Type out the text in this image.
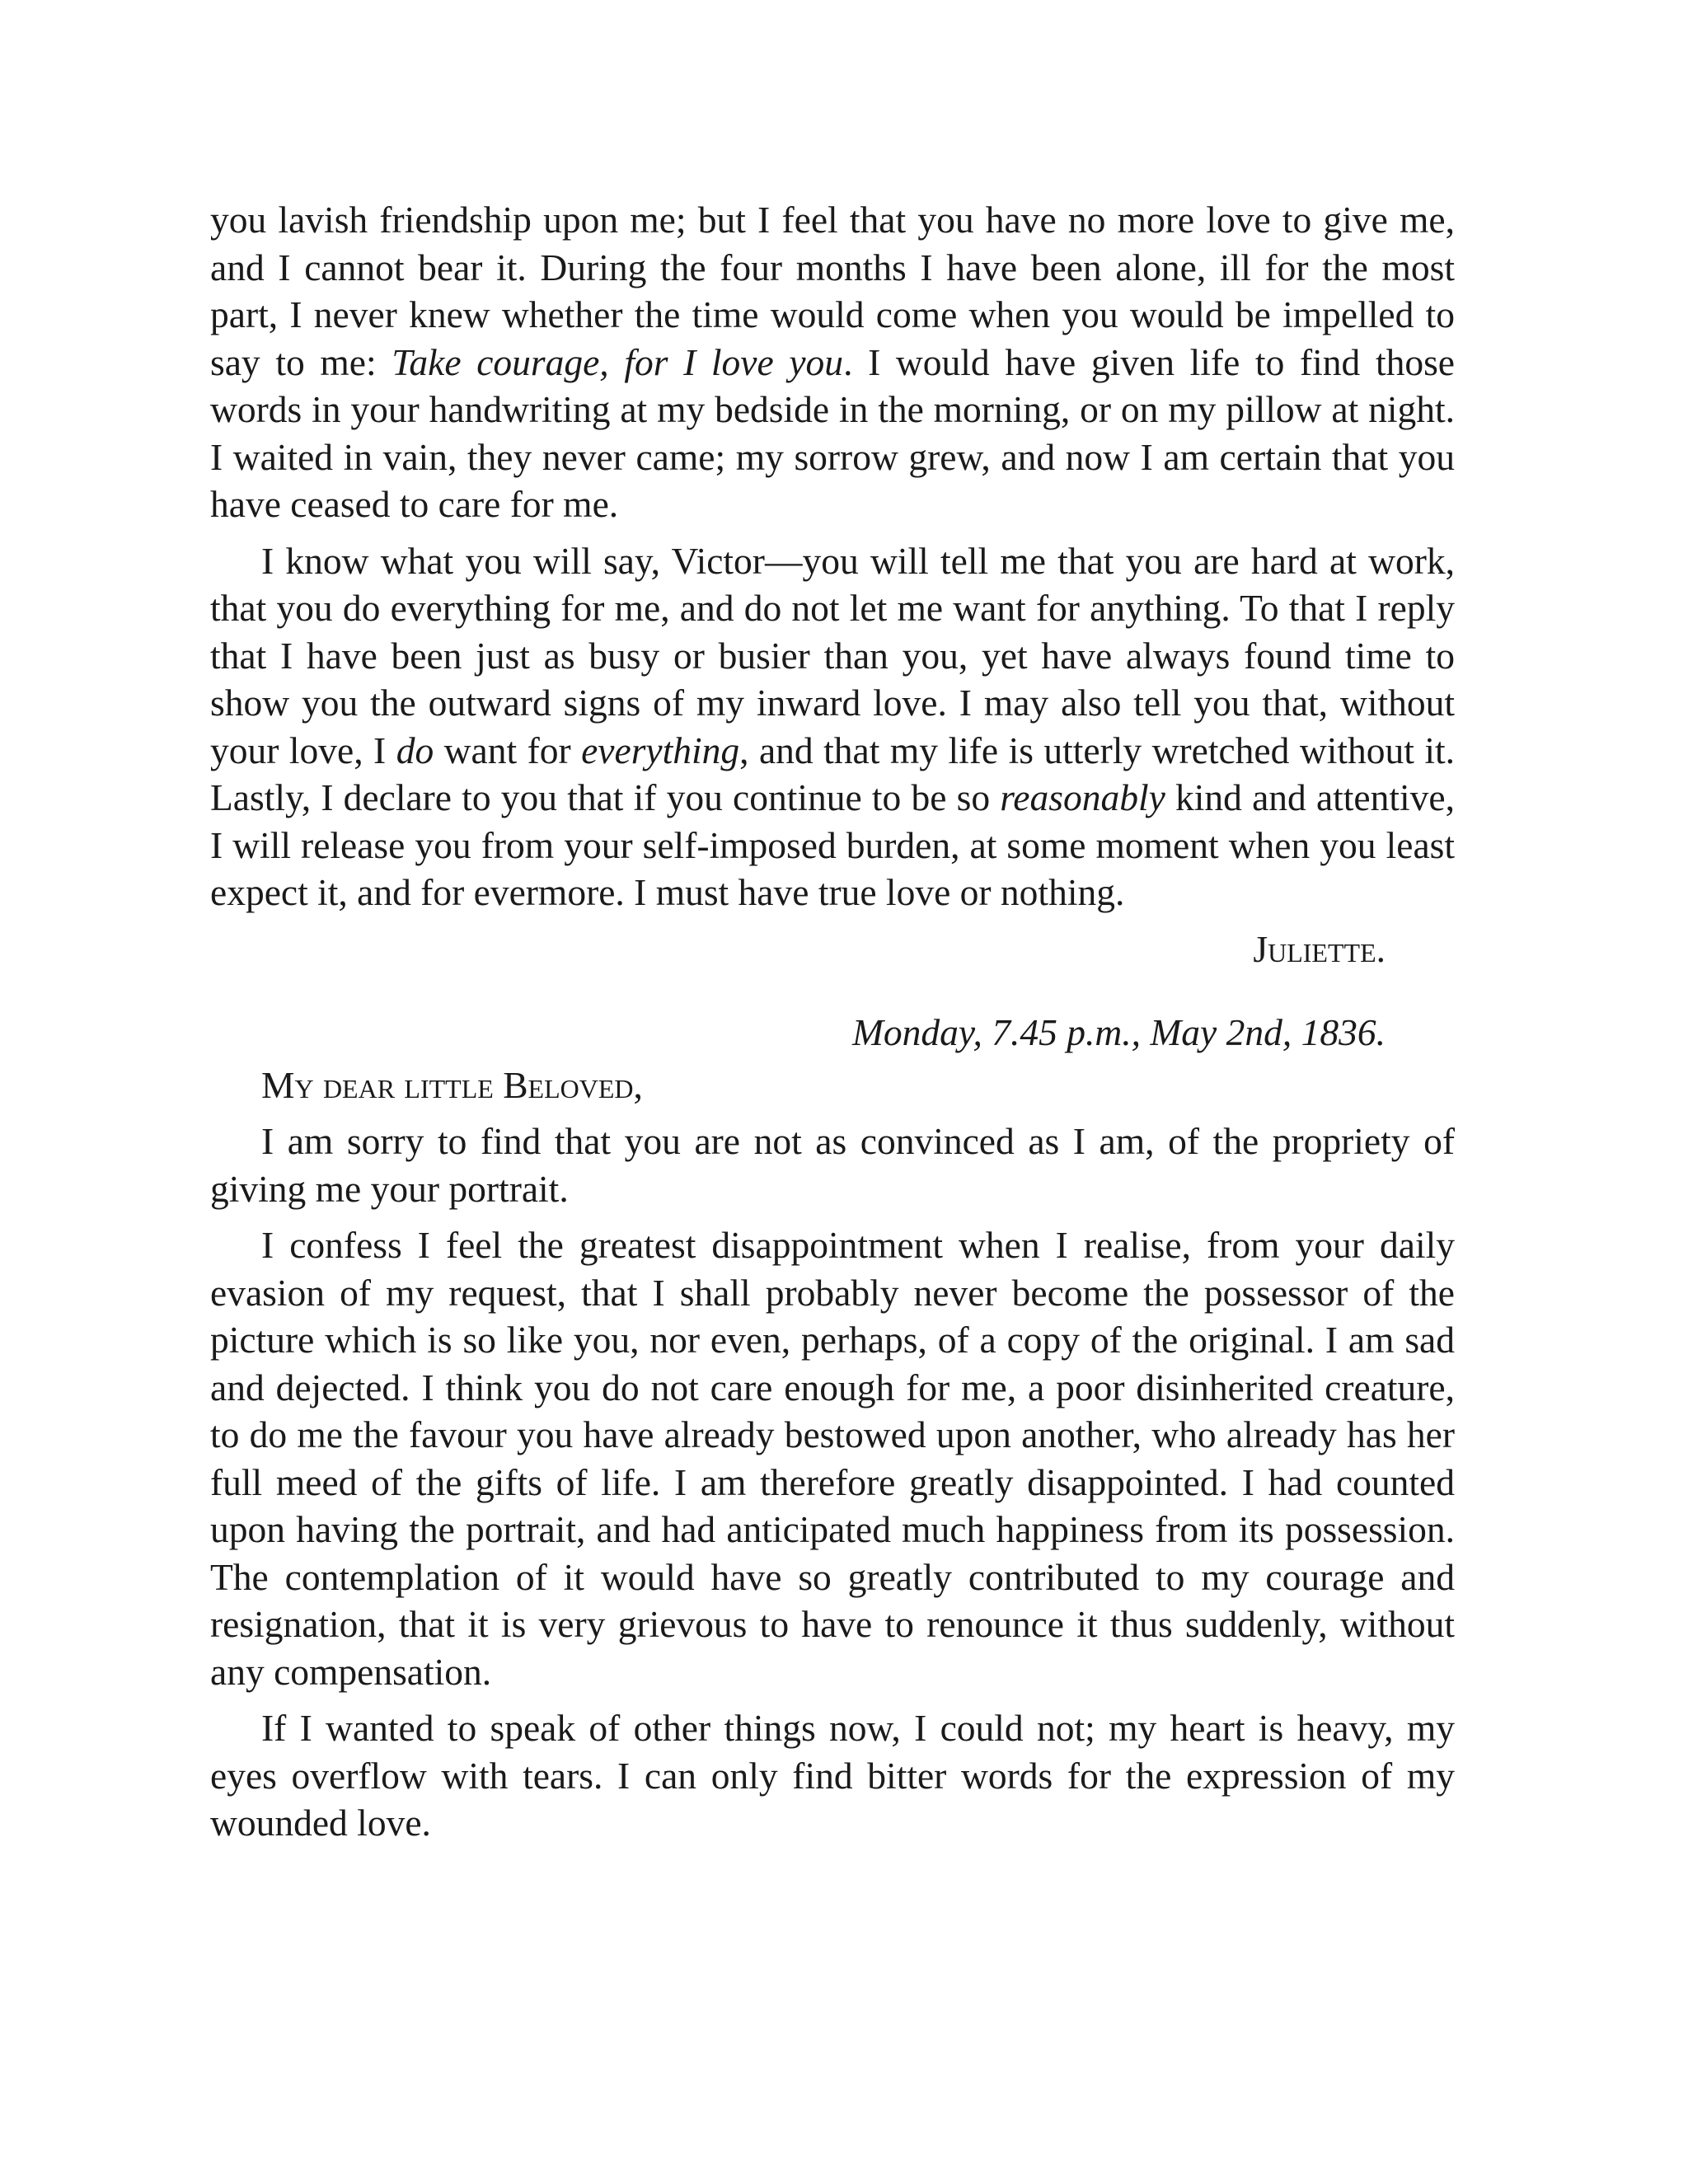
you lavish friendship upon me; but I feel that you have no more love to give me, and I cannot bear it. During the four months I have been alone, ill for the most part, I never knew whether the time would come when you would be impelled to say to me: Take courage, for I love you. I would have given life to find those words in your handwriting at my bedside in the morning, or on my pillow at night. I waited in vain, they never came; my sorrow grew, and now I am certain that you have ceased to care for me.

I know what you will say, Victor—you will tell me that you are hard at work, that you do everything for me, and do not let me want for anything. To that I reply that I have been just as busy or busier than you, yet have always found time to show you the outward signs of my inward love. I may also tell you that, without your love, I do want for everything, and that my life is utterly wretched without it. Lastly, I declare to you that if you continue to be so reasonably kind and attentive, I will release you from your self-imposed burden, at some moment when you least expect it, and for evermore. I must have true love or nothing.

Juliette.

Monday, 7.45 p.m., May 2nd, 1836.

My dear little Beloved,

I am sorry to find that you are not as convinced as I am, of the propriety of giving me your portrait.

I confess I feel the greatest disappointment when I realise, from your daily evasion of my request, that I shall probably never become the possessor of the picture which is so like you, nor even, perhaps, of a copy of the original. I am sad and dejected. I think you do not care enough for me, a poor disinherited creature, to do me the favour you have already bestowed upon another, who already has her full meed of the gifts of life. I am therefore greatly disappointed. I had counted upon having the portrait, and had anticipated much happiness from its possession. The contemplation of it would have so greatly contributed to my courage and resignation, that it is very grievous to have to renounce it thus suddenly, without any compensation.

If I wanted to speak of other things now, I could not; my heart is heavy, my eyes overflow with tears. I can only find bitter words for the expression of my wounded love.
